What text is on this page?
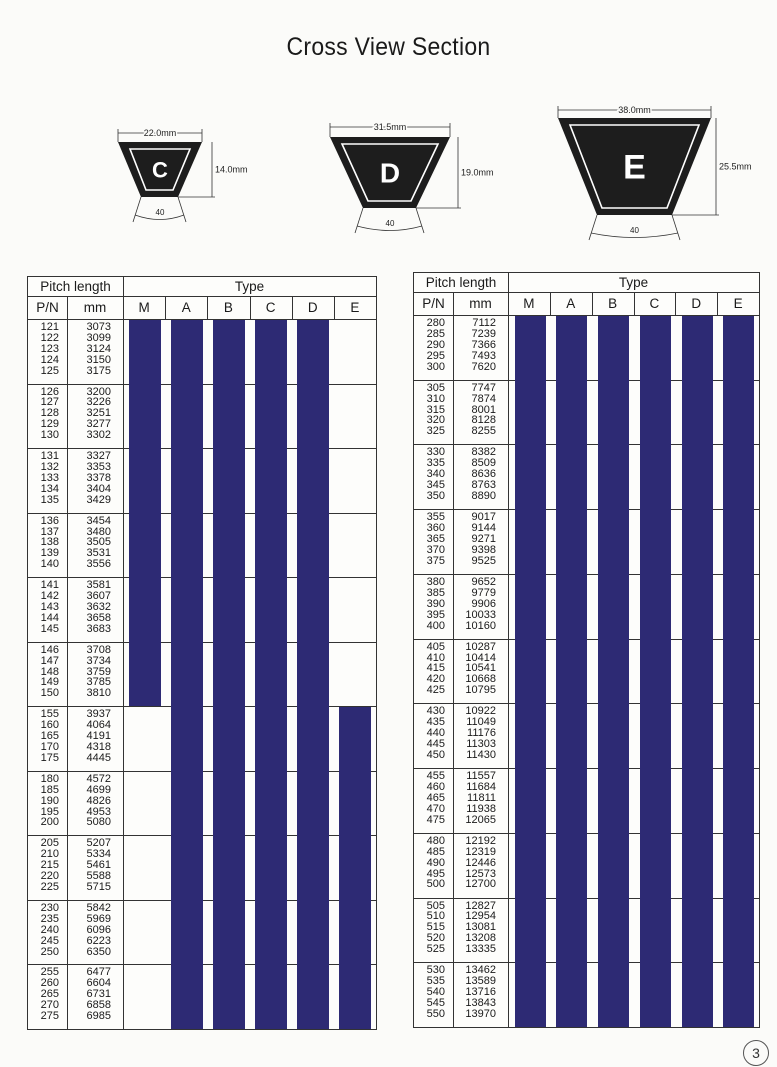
Cross View Section
C
22.0mm
14.0mm
40
D
31.5mm
19.0mm
40
E
38.0mm
25.5mm
40
Pitch length	Type
P/N	mm	M	A	B	C	D	E
121	3073
122	3099
123	3124
124	3150
125	3175
126	3200
127	3226
128	3251
129	3277
130	3302
131	3327
132	3353
133	3378
134	3404
135	3429
136	3454
137	3480
138	3505
139	3531
140	3556
141	3581
142	3607
143	3632
144	3658
145	3683
146	3708
147	3734
148	3759
149	3785
150	3810
155	3937
160	4064
165	4191
170	4318
175	4445
180	4572
185	4699
190	4826
195	4953
200	5080
205	5207
210	5334
215	5461
220	5588
225	5715
230	5842
235	5969
240	6096
245	6223
250	6350
255	6477
260	6604
265	6731
270	6858
275	6985
Pitch length	Type
P/N	mm	M	A	B	C	D	E
280 7112
285 7239
290 7366
295 7493
300 7620
305 7747
310 7874
315 8001
320 8128
325 8255
330 8382
335 8509
340 8636
345 8763
350 8890
355 9017
360 9144
365 9271
370 9398
375 9525
380 9652
385 9779
390 9906
395 10033
400 10160
405 10287
410 10414
415 10541
420 10668
425 10795
430 10922
435 11049
440 11176
445 11303
450 11430
455 11557
460 11684
465 11811
470 11938
475 12065
480 12192
485 12319
490 12446
495 12573
500 12700
505 12827
510 12954
515 13081
520 13208
525 13335
530 13462
535 13589
540 13716
545 13843
550 13970
3
